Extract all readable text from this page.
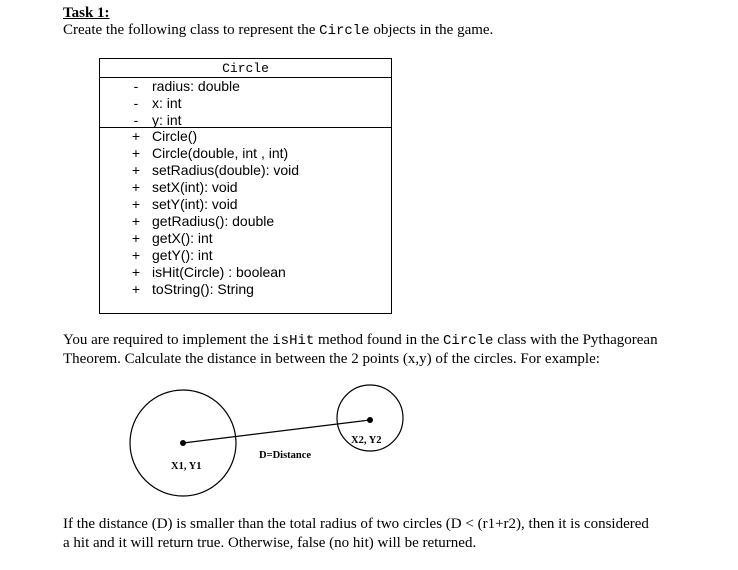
Task 1:
Create the following class to represent the Circle objects in the game.
Circle
- radius: double
- x: int
- y: int
+ Circle()
+ Circle(double, int , int)
+ setRadius(double): void
+ setX(int): void
+ setY(int): void
+ getRadius(): double
+ getX(): int
+ getY(): int
+ isHit(Circle) : boolean
+ toString(): String
You are required to implement the isHit method found in the Circle class with the Pythagorean
Theorem. Calculate the distance in between the 2 points (x,y) of the circles. For example:
X1, Y1
X2, Y2
D=Distance
If the distance (D) is smaller than the total radius of two circles (D < (r1+r2), then it is considered
a hit and it will return true. Otherwise, false (no hit) will be returned.
